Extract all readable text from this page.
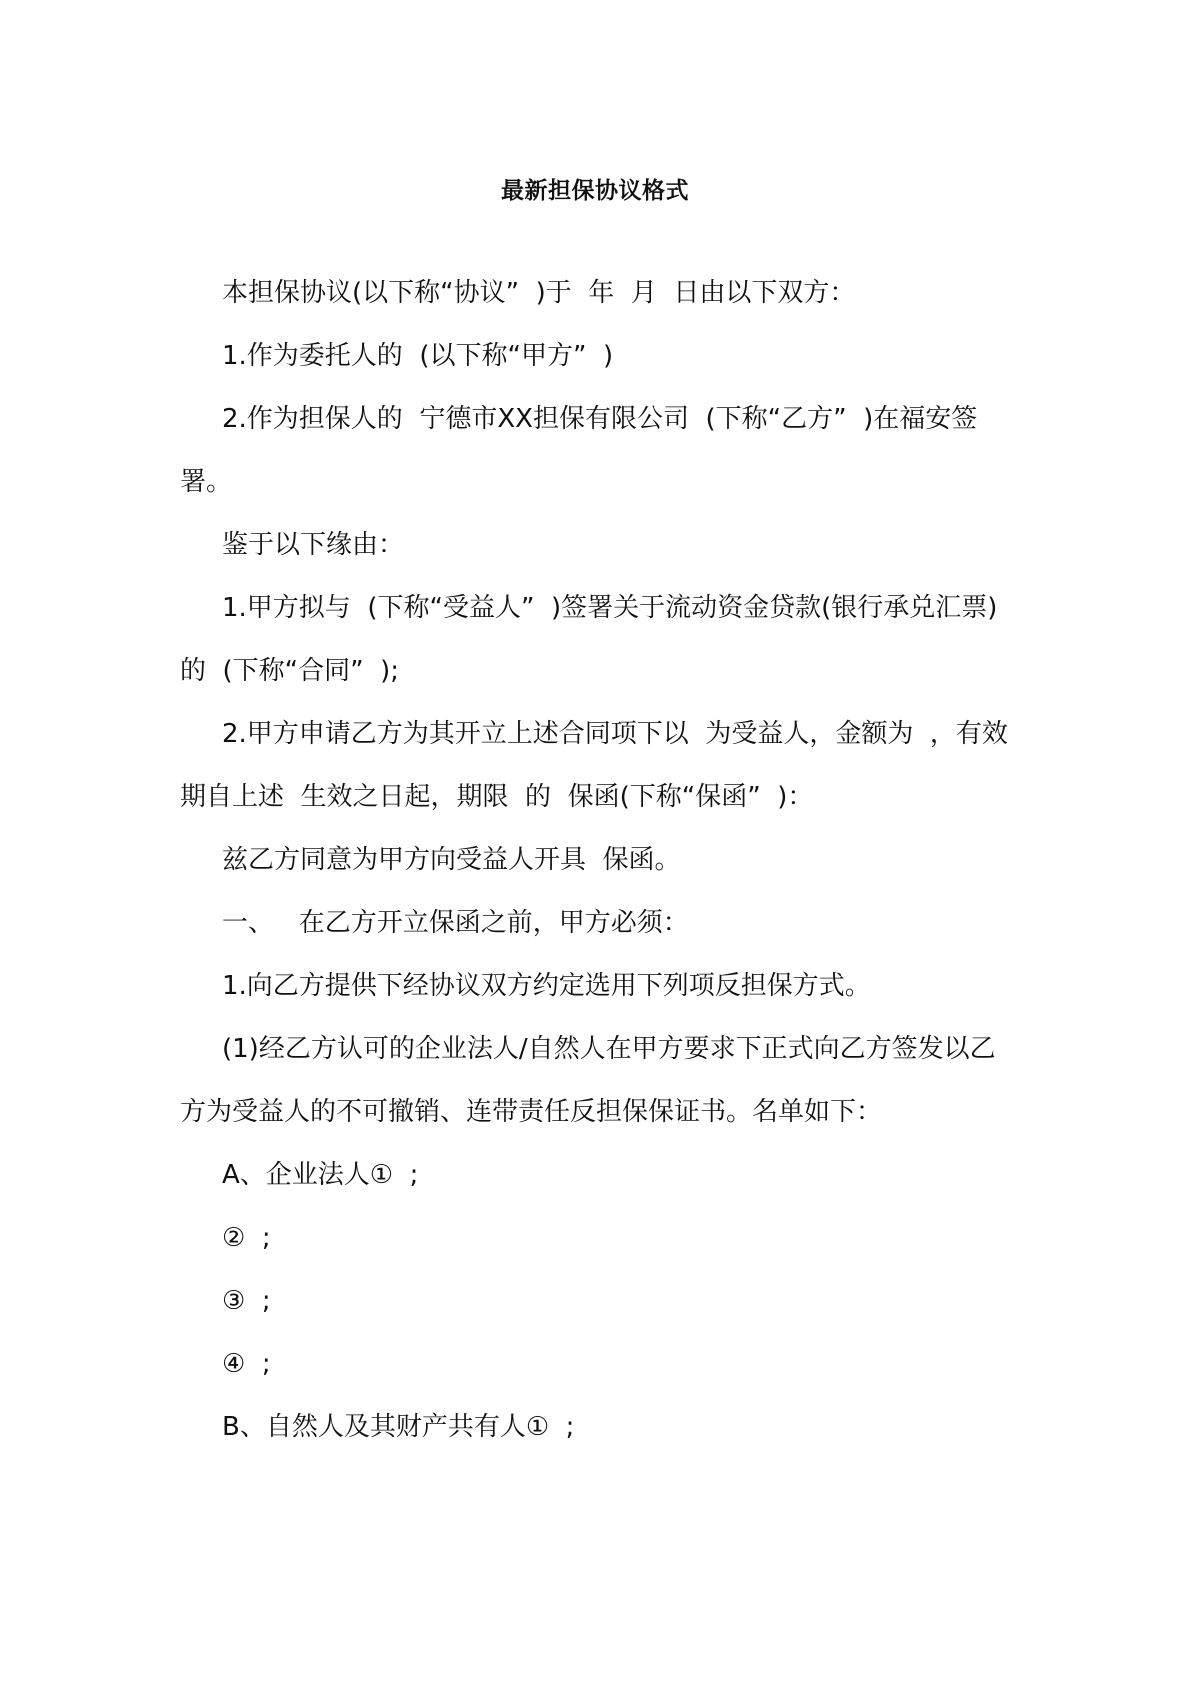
最新担保协议格式

本担保协议(以下称“协议”  )于  年  月  日由以下双方：

1.作为委托人的  (以下称“甲方”  )

2.作为担保人的  宁德市XX担保有限公司  (下称“乙方”  )在福安签署。

鉴于以下缘由：

1.甲方拟与  (下称“受益人”  )签署关于流动资金贷款(银行承兑汇票)的  (下称“合同”  );

2.甲方申请乙方为其开立上述合同项下以  为受益人，金额为  ，有效期自上述  生效之日起，期限  的  保函(下称“保函”  )：

兹乙方同意为甲方向受益人开具  保函。

一、   在乙方开立保函之前，甲方必须：

1.向乙方提供下经协议双方约定选用下列项反担保方式。

(1)经乙方认可的企业法人/自然人在甲方要求下正式向乙方签发以乙方为受益人的不可撤销、连带责任反担保保证书。名单如下：

A、企业法人①  ;

②  ;

③  ;

④  ;

B、自然人及其财产共有人①  ;
